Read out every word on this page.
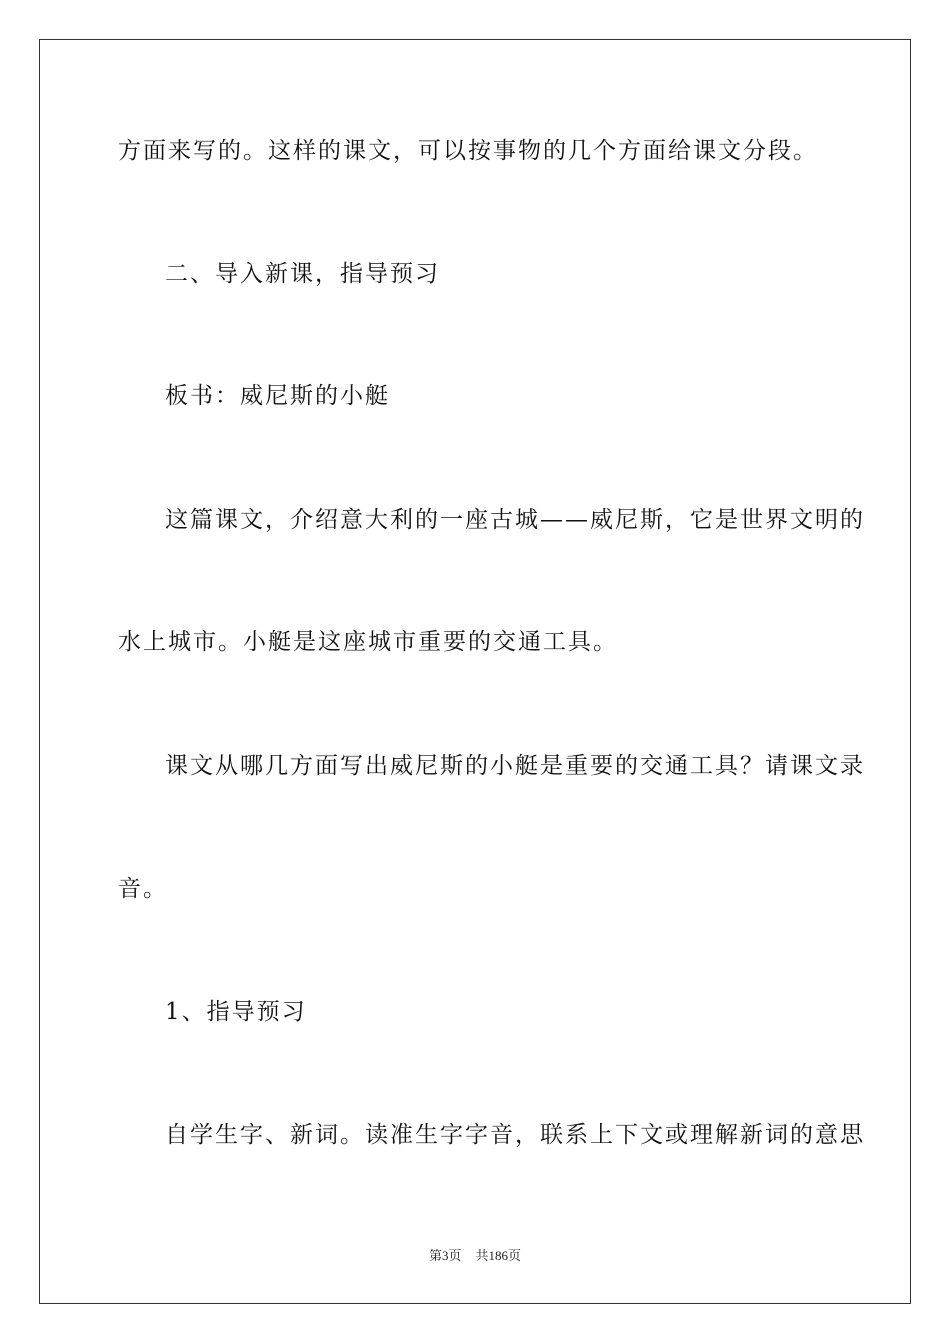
方面来写的。这样的课文，可以按事物的几个方面给课文分段。
二、导入新课，指导预习
板书：威尼斯的小艇
这篇课文，介绍意大利的一座古城——威尼斯，它是世界文明的
水上城市。小艇是这座城市重要的交通工具。
课文从哪几方面写出威尼斯的小艇是重要的交通工具？请课文录
音。
1、指导预习
自学生字、新词。读准生字字音，联系上下文或理解新词的意思
第3页 共186页
